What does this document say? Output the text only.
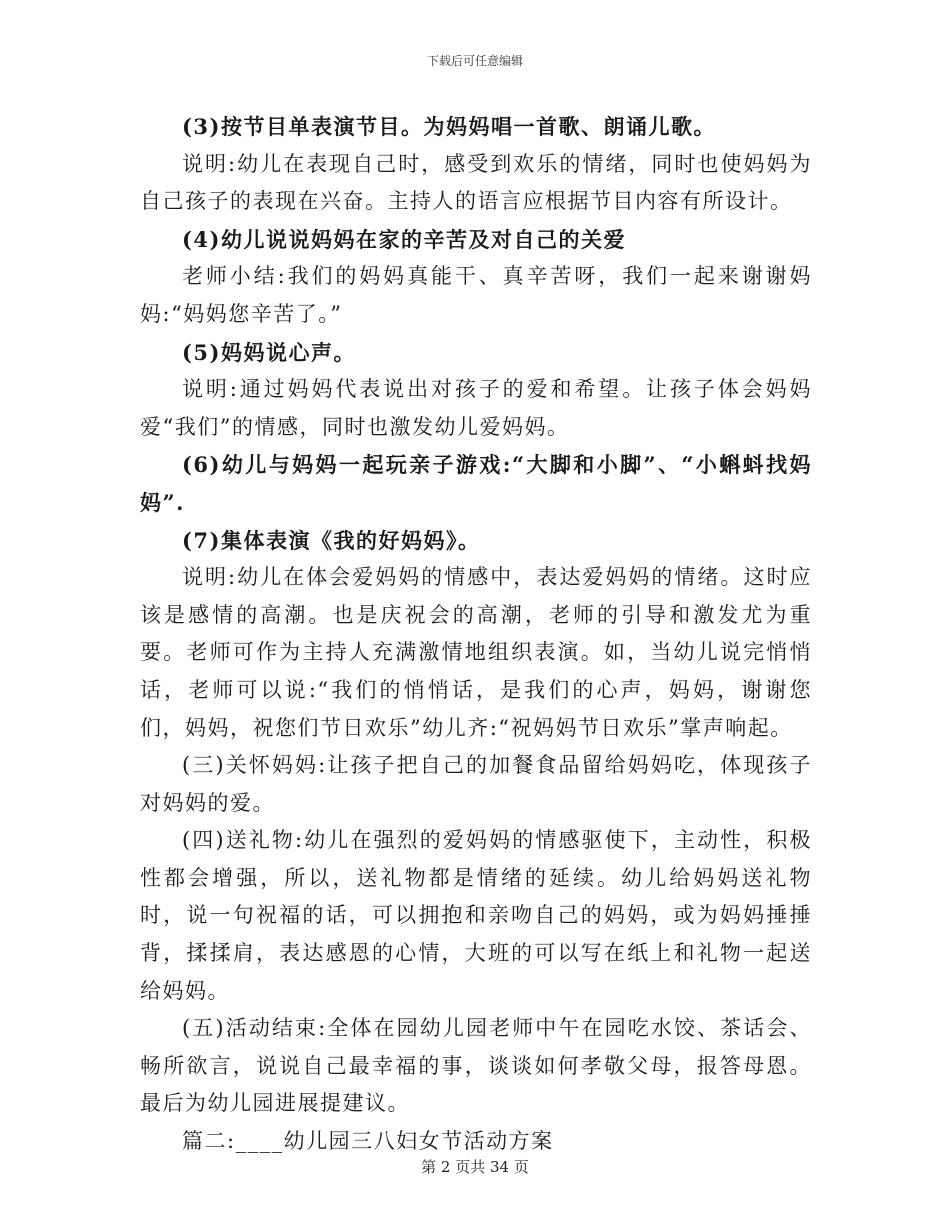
下载后可任意编辑

(3)按节目单表演节目。为妈妈唱一首歌、朗诵儿歌。

说明:幼儿在表现自己时，感受到欢乐的情绪，同时也使妈妈为自己孩子的表现在兴奋。主持人的语言应根据节目内容有所设计。

(4)幼儿说说妈妈在家的辛苦及对自己的关爱

老师小结:我们的妈妈真能干、真辛苦呀，我们一起来谢谢妈妈:“妈妈您辛苦了。”

(5)妈妈说心声。

说明:通过妈妈代表说出对孩子的爱和希望。让孩子体会妈妈爱“我们”的情感，同时也激发幼儿爱妈妈。

(6)幼儿与妈妈一起玩亲子游戏:“大脚和小脚”、“小蝌蚪找妈妈”.

(7)集体表演《我的好妈妈》。

说明:幼儿在体会爱妈妈的情感中，表达爱妈妈的情绪。这时应该是感情的高潮。也是庆祝会的高潮，老师的引导和激发尤为重要。老师可作为主持人充满激情地组织表演。如，当幼儿说完悄悄话，老师可以说:“我们的悄悄话，是我们的心声，妈妈，谢谢您们，妈妈，祝您们节日欢乐”幼儿齐:“祝妈妈节日欢乐”掌声响起。

(三)关怀妈妈:让孩子把自己的加餐食品留给妈妈吃，体现孩子对妈妈的爱。

(四)送礼物:幼儿在强烈的爱妈妈的情感驱使下，主动性，积极性都会增强，所以，送礼物都是情绪的延续。幼儿给妈妈送礼物时，说一句祝福的话，可以拥抱和亲吻自己的妈妈，或为妈妈捶捶背，揉揉肩，表达感恩的心情，大班的可以写在纸上和礼物一起送给妈妈。

(五)活动结束:全体在园幼儿园老师中午在园吃水饺、茶话会、畅所欲言，说说自己最幸福的事，谈谈如何孝敬父母，报答母恩。最后为幼儿园进展提建议。

篇二:____幼儿园三八妇女节活动方案

第 2 页共 34 页
